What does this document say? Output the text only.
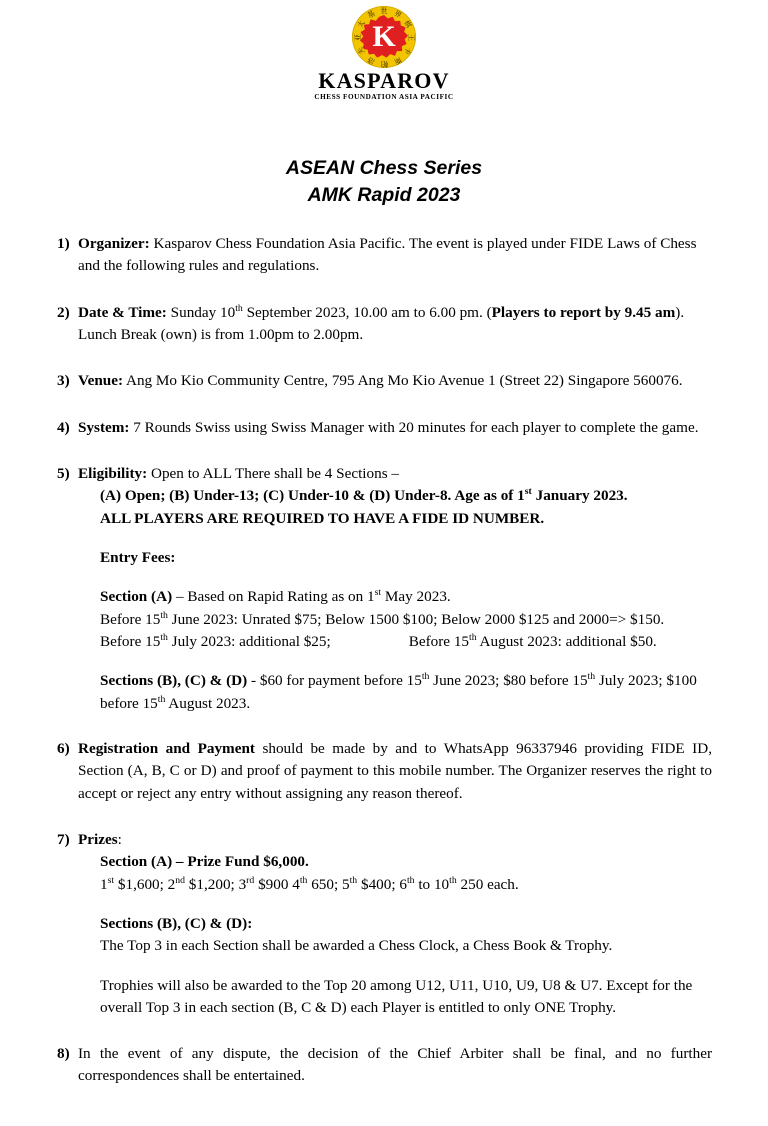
世 界
棋
王
卡
斯
帕
洛
夫
亚
太
基
K
KASPAROV
CHESS FOUNDATION ASIA PACIFIC
ASEAN Chess Series
AMK Rapid 2023
1) Organizer: Kasparov Chess Foundation Asia Pacific. The event is played under FIDE Laws of Chess and the following rules and regulations.

2) Date & Time: Sunday 10th September 2023, 10.00 am to 6.00 pm. (Players to report by 9.45 am).

Lunch Break (own) is from 1.00pm to 2.00pm.

3) Venue: Ang Mo Kio Community Centre, 795 Ang Mo Kio Avenue 1 (Street 22) Singapore 560076.

4) System: 7 Rounds Swiss using Swiss Manager with 20 minutes for each player to complete the game.

5) Eligibility: Open to ALL There shall be 4 Sections –

(A) Open; (B) Under-13; (C) Under-10 & (D) Under-8. Age as of 1st January 2023.

ALL PLAYERS ARE REQUIRED TO HAVE A FIDE ID NUMBER.

Entry Fees:

Section (A) – Based on Rapid Rating as on 1st May 2023.

Before 15th June 2023: Unrated $75; Below 1500 $100; Below 2000 $125 and 2000=> $150.

Before 15th July 2023: additional $25;	Before 15th August 2023: additional $50.

Sections (B), (C) & (D) - $60 for payment before 15th June 2023; $80 before 15th July 2023; $100 before 15th August 2023.

6) Registration and Payment should be made by and to WhatsApp 96337946 providing FIDE ID, Section (A, B, C or D) and proof of payment to this mobile number. The Organizer reserves the right to accept or reject any entry without assigning any reason thereof.

7) Prizes:

Section (A) – Prize Fund $6,000.

1st $1,600; 2nd $1,200; 3rd $900 4th 650; 5th $400; 6th to 10th 250 each.

Sections (B), (C) & (D):

The Top 3 in each Section shall be awarded a Chess Clock, a Chess Book & Trophy.

Trophies will also be awarded to the Top 20 among U12, U11, U10, U9, U8 & U7. Except for the overall Top 3 in each section (B, C & D) each Player is entitled to only ONE Trophy.

8) In the event of any dispute, the decision of the Chief Arbiter shall be final, and no further correspondences shall be entertained.
